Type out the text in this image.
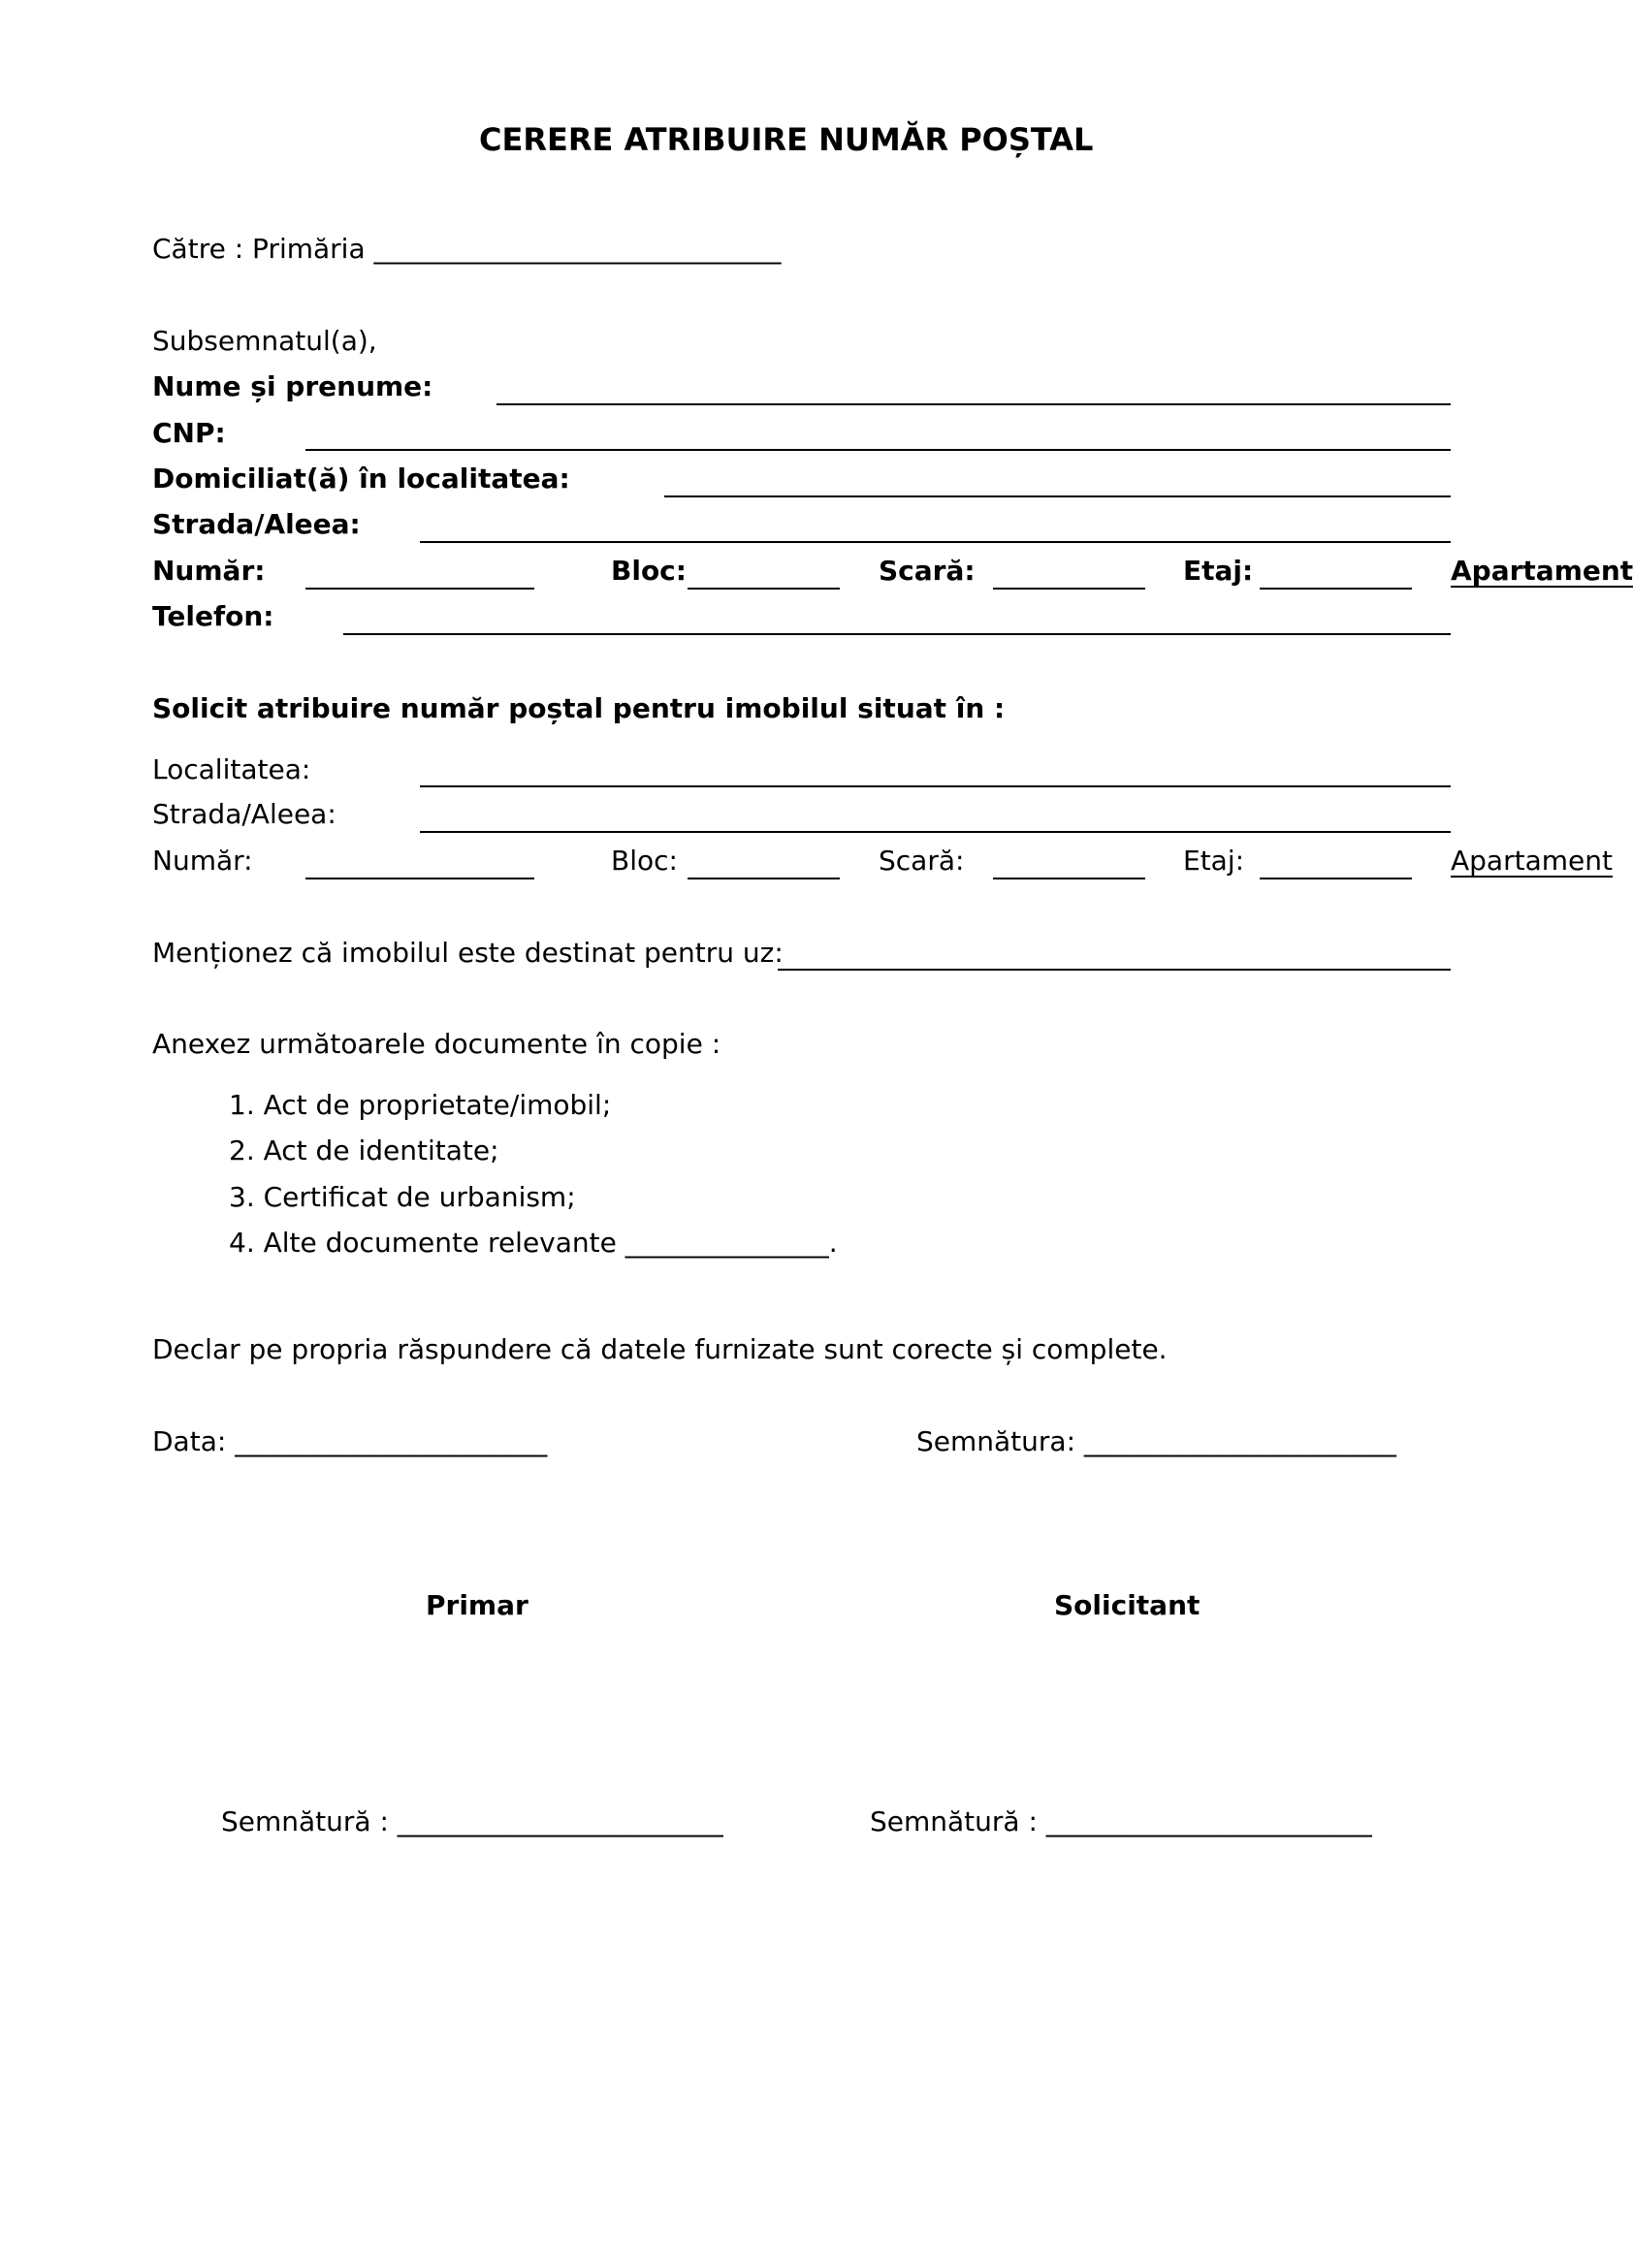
CERERE ATRIBUIRE NUMĂR POȘTAL
Către : Primăria ______________________________
Subsemnatul(a),
Nume și prenume:
CNP:
Domiciliat(ă) în localitatea:
Strada/Aleea:
Număr:	Bloc:	Scară:	Etaj:	Apartament
Telefon:
Solicit atribuire număr poștal pentru imobilul situat în :
Localitatea:
Strada/Aleea:
Număr:	Bloc:	Scară:	Etaj:	Apartament
Menționez că imobilul este destinat pentru uz:
Anexez următoarele documente în copie :
1. Act de proprietate/imobil;
2. Act de identitate;
3. Certificat de urbanism;
4. Alte documente relevante _______________.
Declar pe propria răspundere că datele furnizate sunt corecte și complete.
Data: _______________________	Semnătura: _______________________
Primar	Solicitant
Semnătură : ________________________	Semnătură : ________________________
